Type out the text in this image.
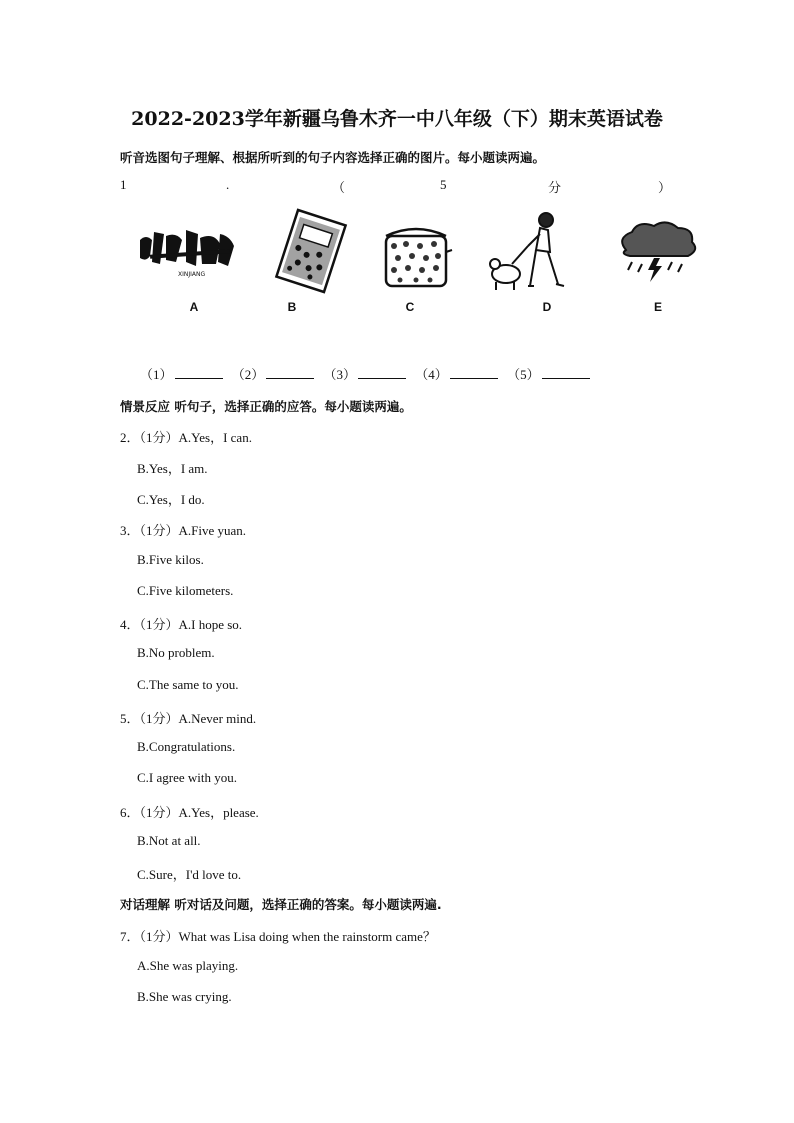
2022-2023学年新疆乌鲁木齐一中八年级（下）期末英语试卷
听音选图句子理解、根据所听到的句子内容选择正确的图片。每小题读两遍。
1	.	（	5	分	）
XINJIANG
A	B	C	D	E
（1）	（2）	（3）	（4）	（5）
情景反应 听句子，选择正确的应答。每小题读两遍。
2．（1分）A.Yes，I can.
B.Yes，I am.
C.Yes，I do.
3．（1分）A.Five yuan.
B.Five kilos.
C.Five kilometers.
4．（1分）A.I hope so.
B.No problem.
C.The same to you.
5．（1分）A.Never mind.
B.Congratulations.
C.I agree with you.
6．（1分）A.Yes，please.
B.Not at all.
C.Sure，I'd love to.
对话理解 听对话及问题，选择正确的答案。每小题读两遍.
7．（1分）What was Lisa doing when the rainstorm came？
A.She was playing.
B.She was crying.
